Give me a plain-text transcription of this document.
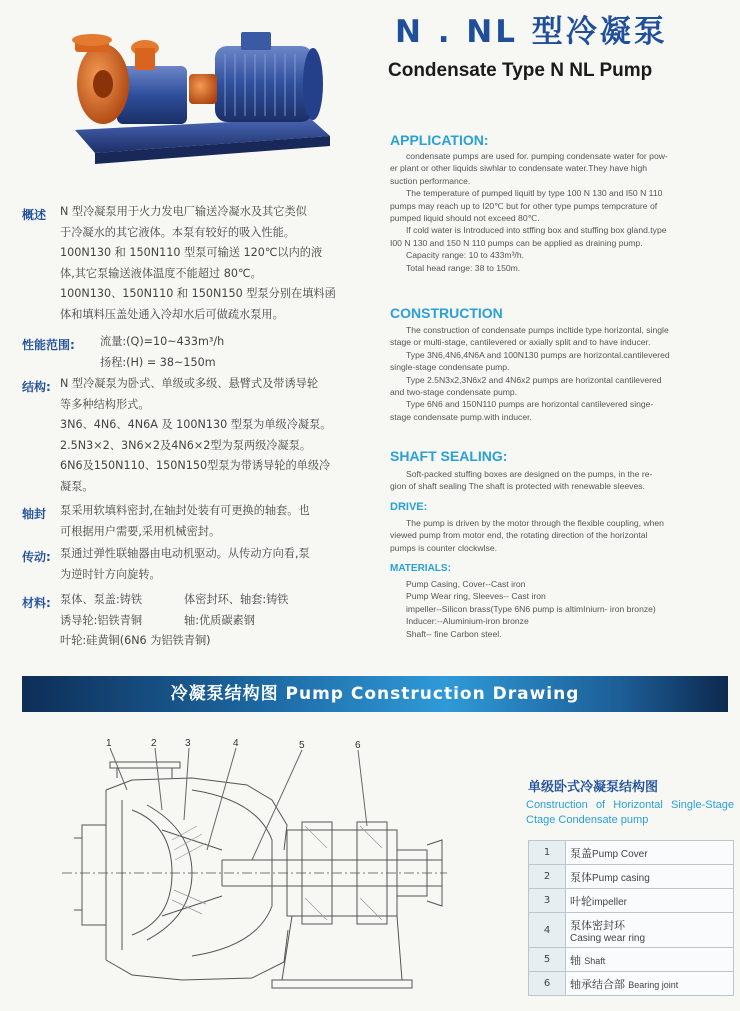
N . NL 型冷凝泵
Condensate Type N NL Pump
APPLICATION:
condensate pumps are used for. pumping condensate water for pow-
er plant or other liquids siwhlar to condensate water.They have high
suction performance.
The temperature of pumped liquitl by type 100 N 130 and I50 N 110
pumps may reach up to I20℃ but for other type pumps tempcrature of
pumped liquid should not exceed 80℃.
If cold water is Introduced into stffing box and stuffing box gland.type
I00 N 130 and 150 N 110 pumps can be applied as draining pump.
Capacity range: 10 to 433m³/h.
Total head range: 38 to 150m.
CONSTRUCTION
The construction of condensate pumps incltide type horizontal, single
stage or multi-stage, cantilevered or axially split and to have inducer.
Type 3N6,4N6,4N6A and 100N130 pumps are horizontal.cantilevered
single-stage condensate pump.
Type 2.5N3x2,3N6x2 and 4N6x2 pumps are horizontal cantilevered
and two-stage condensate pump.
Type 6N6 and 150N110 pumps are horizontal cantilevered singe-
stage condensate pump.with inducer.
SHAFT SEALING:
Soft-packed stuffing boxes are designed on the pumps, in the re-
gion of shaft sealing The shaft is protected with renewable sleeves.
DRIVE:
The pump is driven by the motor through the flexible coupling, when
viewed pump from motor end, the rotating direction of the horizontal
pumps is counter clockwlse.
MATERIALS:
Pump Casing, Cover--Cast iron
Pump Wear ring, Sleeves-- Cast iron
impeller--Silicon brass(Type 6N6 pump is altimIniurn- iron bronze)
Inducer:--Aluminium-iron bronze
Shaft-- fine Carbon steel.
概述 N 型冷凝泵用于火力发电厂输送冷凝水及其它类似
于冷凝水的其它液体。本泵有较好的吸入性能。
100N130 和 150N110 型泵可输送 120℃以内的液
体,其它泵输送液体温度不能超过 80℃。
100N130、150N110 和 150N150 型泵分别在填料函
体和填料压盖处通入冷却水后可做疏水泵用。
性能范围: 流量:(Q)=10~433m³/h
扬程:(H) = 38~150m
结构: N 型冷凝泵为卧式、单级或多级、悬臂式及带诱导轮
等多种结构形式。
3N6、4N6、4N6A 及 100N130 型泵为单级冷凝泵。
2.5N3×2、3N6×2及4N6×2型为泵两级冷凝泵。
6N6及150N110、150N150型泵为带诱导轮的单级冷
凝泵。
轴封 泵采用软填料密封,在轴封处装有可更换的轴套。也
可根据用户需要,采用机械密封。
传动: 泵通过弹性联轴器由电动机驱动。从传动方向看,泵
为逆时针方向旋转。
材料: 泵体、泵盖:铸铁
诱导轮:铝铁青铜
叶轮:硅黄铜(6N6 为铝铁青铜)
体密封环、轴套:铸铁
轴:优质碳素钢
冷凝泵结构图 Pump Construction Drawing
1	2	3	4	5	6
单级卧式冷凝泵结构图
Construction of Horizontal Single-Stage Ctage Condensate pump
1	泵盖Pump Cover
2	泵体Pump casing
3	叶轮impeller
4	泵体密封环
Casing wear ring

5	轴 Shaft
6	轴承结合部 Bearing joint
